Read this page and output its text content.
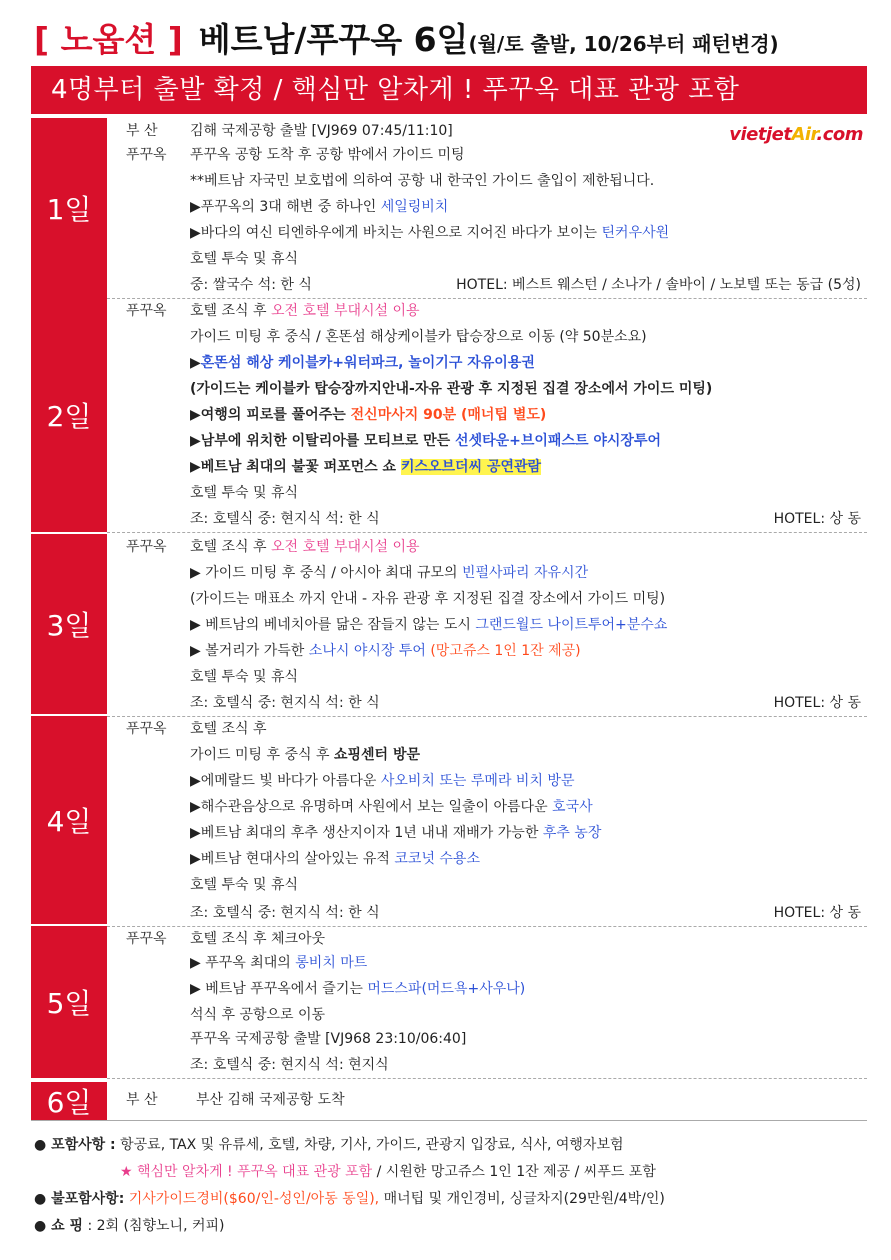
[ 노옵션 ] 베트남/푸꾸옥 6일 (월/토 출발, 10/26부터 패턴변경)
4명부터 출발 확정 / 핵심만 알차게 ! 푸꾸옥 대표 관광 포함
1일
vietjetAir.com
부 산	김해 국제공항 출발 [VJ969 07:45/11:10]
푸꾸옥	푸꾸옥 공항 도착 후 공항 밖에서 가이드 미팅
**베트남 자국민 보호법에 의하여 공항 내 한국인 가이드 출입이 제한됩니다.
▶푸꾸옥의 3대 해변 중 하나인 세일링비치
▶바다의 여신 티엔하우에게 바치는 사원으로 지어진 바다가 보이는 틴커우사원
호텔 투숙 및 휴식
중: 쌀국수 석: 한 식	HOTEL: 베스트 웨스턴 / 소나가 / 솔바이 / 노보텔 또는 동급 (5성)
2일
푸꾸옥	호텔 조식 후 오전 호텔 부대시설 이용
가이드 미팅 후 중식 / 혼똔섬 해상케이블카 탑승장으로 이동 (약 50분소요)
▶혼똔섬 해상 케이블카+워터파크, 놀이기구 자유이용권
(가이드는 케이블카 탑승장까지안내-자유 관광 후 지정된 집결 장소에서 가이드 미팅)
▶여행의 피로를 풀어주는 전신마사지 90분 (매너팁 별도)
▶남부에 위치한 이탈리아를 모티브로 만든 선셋타운+브이패스트 야시장투어
▶베트남 최대의 불꽃 퍼포먼스 쇼 키스오브더씨 공연관람
호텔 투숙 및 휴식
조: 호텔식 중: 현지식 석: 한 식	HOTEL: 상 동
3일
푸꾸옥	호텔 조식 후 오전 호텔 부대시설 이용
▶ 가이드 미팅 후 중식 / 아시아 최대 규모의 빈펄사파리 자유시간
(가이드는 매표소 까지 안내 - 자유 관광 후 지정된 집결 장소에서 가이드 미팅)
▶ 베트남의 베네치아를 닮은 잠들지 않는 도시 그랜드월드 나이트투어+분수쇼
▶ 볼거리가 가득한 소나시 야시장 투어 (망고쥬스 1인 1잔 제공)
호텔 투숙 및 휴식
조: 호텔식 중: 현지식 석: 한 식	HOTEL: 상 동
4일
푸꾸옥	호텔 조식 후
가이드 미팅 후 중식 후 쇼핑센터 방문
▶에메랄드 빛 바다가 아름다운 사오비치 또는 루메라 비치 방문
▶해수관음상으로 유명하며 사원에서 보는 일출이 아름다운 호국사
▶베트남 최대의 후추 생산지이자 1년 내내 재배가 가능한 후추 농장
▶베트남 현대사의 살아있는 유적 코코넛 수용소
호텔 투숙 및 휴식
조: 호텔식 중: 현지식 석: 한 식	HOTEL: 상 동
5일
푸꾸옥	호텔 조식 후 체크아웃
▶ 푸꾸옥 최대의 롱비치 마트
▶ 베트남 푸꾸옥에서 즐기는 머드스파(머드욕+사우나)
석식 후 공항으로 이동
푸꾸옥 국제공항 출발 [VJ968 23:10/06:40]
조: 호텔식 중: 현지식 석: 현지식
6일	부 산	부산 김해 국제공항 도착
● 포함사항 : 항공료, TAX 및 유류세, 호텔, 차량, 기사, 가이드, 관광지 입장료, 식사, 여행자보험
★ 핵심만 알차게 ! 푸꾸옥 대표 관광 포함 / 시원한 망고쥬스 1인 1잔 제공 / 씨푸드 포함
● 불포함사항: 기사가이드경비($60/인-성인/아동 동일), 매너팁 및 개인경비, 싱글차지(29만원/4박/인)
● 쇼 핑 : 2회 (침향노니, 커피)
